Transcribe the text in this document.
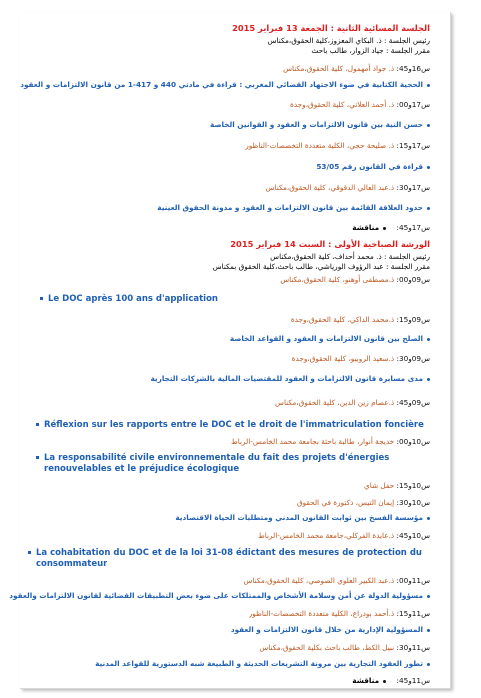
الجلسة المسائية الثانية : الجمعة 13 فبراير 2015
رئيس الجلسة : ذ. البكاي المعزوز،كلية الحقوق،مكناس
مقرر الجلسة : جياد الزوار، طالب باحث
س16و45: ذ. جواد أمهمول، كلية الحقوق،مكناس
الحجية الكتابية في ضوء الاجتهاد القضائي المغربي : قراءة في مادتي 440 و 417-1 من قانون الالتزامات و العقود
س17و00: ذ. أحمد العلاتي، كلية الحقوق،وجدة
حسن النية بين قانون الالتزامات و العقود و القوانين الخاصة
س17و15: ذ. صليحة حجي، الكلية متعددة التخصصات-الناظور
قراءة في القانون رقم 53/05
س17و30: ذ.عبد العالي الدقوقي، كلية الحقوق،مكناس
حدود العلاقة القائمة بين قانون الالتزامات و العقود و مدونة الحقوق العينية
س17و45: مناقشة
الورشة الصباحية الأولى : السبت 14 فبراير 2015
رئيس الجلسة : ذ. محمد أحداف، كلية الحقوق،مكناس
مقرر الجلسة : عبد الرؤوف الورياشي، طالب باحث،كلية الحقوق بمكناس
س09و00: ذ.مصطفى أوهنو، كلية الحقوق،مكناس
Le DOC après 100 ans d'application
س09و15: ذ.محمد الداكي، كلية الحقوق،وجدة
الصلح بين قانون الالتزامات و العقود و القواعد الخاصة
س09و30: ذ.سعيد الروبيو، كلية الحقوق،وجدة
مدى مسايرة قانون الالتزامات و العقود للمقتضيات المالية بالشركات التجارية
س09و45: ذ.عصام زين الدين، كلية الحقوق،مكناس
Réflexion sur les rapports entre le DOC et le droit de l'immatriculation foncière
س10و00: خديجة أنوار، طالبة باحثة بجامعة محمد الخامس-الرباط
La responsabilité civile environnementale du fait des projets d'énergies
renouvelables et le préjudice écologique
س10و15: حفل شاي
س10و30: إيمان التيس، دكتورة في الحقوق
مؤسسة الفسخ بين ثوابت القانون المدني ومتطلبات الحياة الاقتصادية
س10و45: ذ.عايدة الفركلي،جامعة محمد الخامس-الرباط
La cohabitation du DOC et de la loi 31-08 édictant des mesures de protection du
consommateur
س11و00: ذ.عبد الكبير العلوي الصوصي، كلية الحقوق،مكناس
مسؤولية الدولة عن أمن وسلامة الأشخاص والممتلكات على ضوء بعض التطبيقات القضائية لقانون الالتزامات والعقود
س11و15: ذ.أحمد بودراع، الكلية متعددة التخصصات-الناظور
المسؤولية الإدارية من خلال قانون الالتزامات و العقود
س11و30: نبيل الكط، طالب باحث بكلية الحقوق،مكناس
تطور العقود التجارية بين مرونة التشريعات الحديثة و الطبيعة شبه الدستورية للقواعد المدنية
س11و45: مناقشة
